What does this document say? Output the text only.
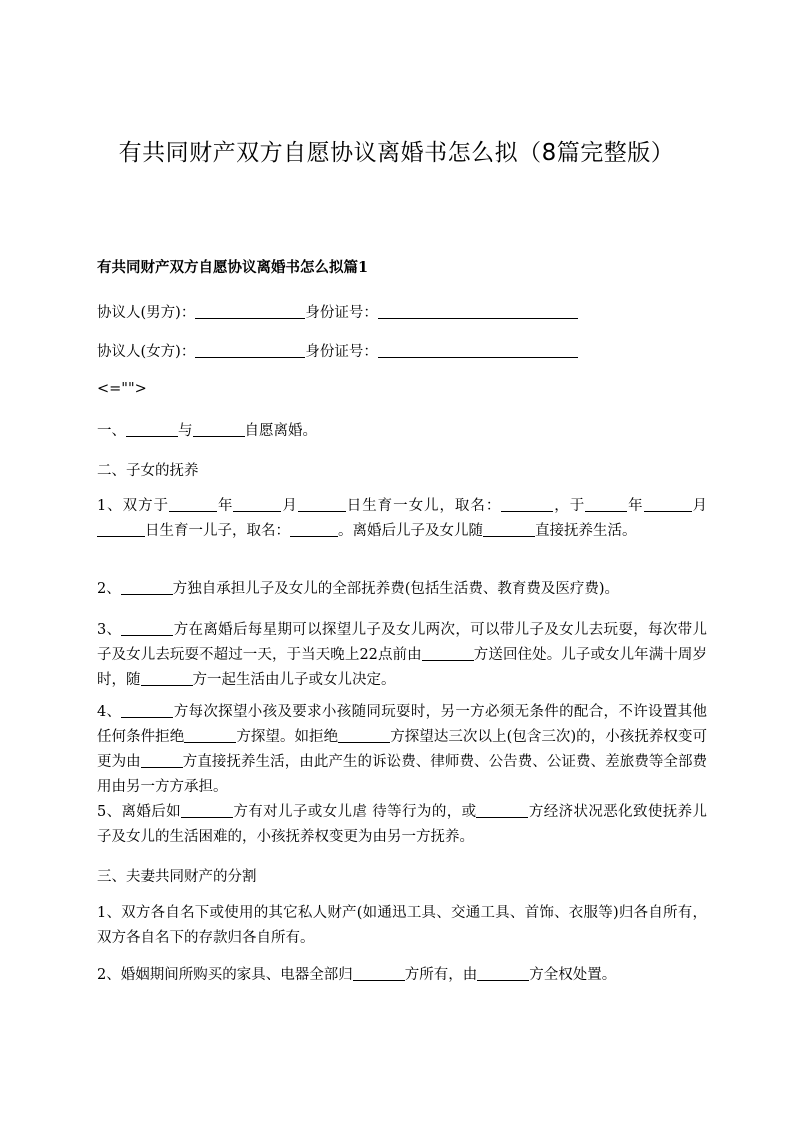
有共同财产双方自愿协议离婚书怎么拟（8篇完整版）
有共同财产双方自愿协议离婚书怎么拟篇1
协议人(男方)：	身份证号：
协议人(女方)：	身份证号：
<="">
一、	与	自愿离婚。
二、子女的抚养
1、双方于	年	月	日生育一女儿，取名：	，于	年	月日生育一儿子，取名：	。离婚后儿子及女儿随	直接抚养生活。
2、	方独自承担儿子及女儿的全部抚养费(包括生活费、教育费及医疗费)。
3、	方在离婚后每星期可以探望儿子及女儿两次，可以带儿子及女儿去玩耍，每次带儿子及女儿去玩耍不超过一天，于当天晚上22点前由	方送回住处。儿子或女儿年满十周岁时，随	方一起生活由儿子或女儿决定。
4、	方每次探望小孩及要求小孩随同玩耍时，另一方必须无条件的配合，不许设置其他任何条件拒绝	方探望。如拒绝	方探望达三次以上(包含三次)的，小孩抚养权变可更为由	方直接抚养生活，由此产生的诉讼费、律师费、公告费、公证费、差旅费等全部费用由另一方方承担。
5、离婚后如	方有对儿子或女儿虐 待等行为的，或	方经济状况恶化致使抚养儿子及女儿的生活困难的，小孩抚养权变更为由另一方抚养。
三、夫妻共同财产的分割
1、双方各自名下或使用的其它私人财产(如通迅工具、交通工具、首饰、衣服等)归各自所有，双方各自名下的存款归各自所有。
2、婚姻期间所购买的家具、电器全部归	方所有，由	方全权处置。
